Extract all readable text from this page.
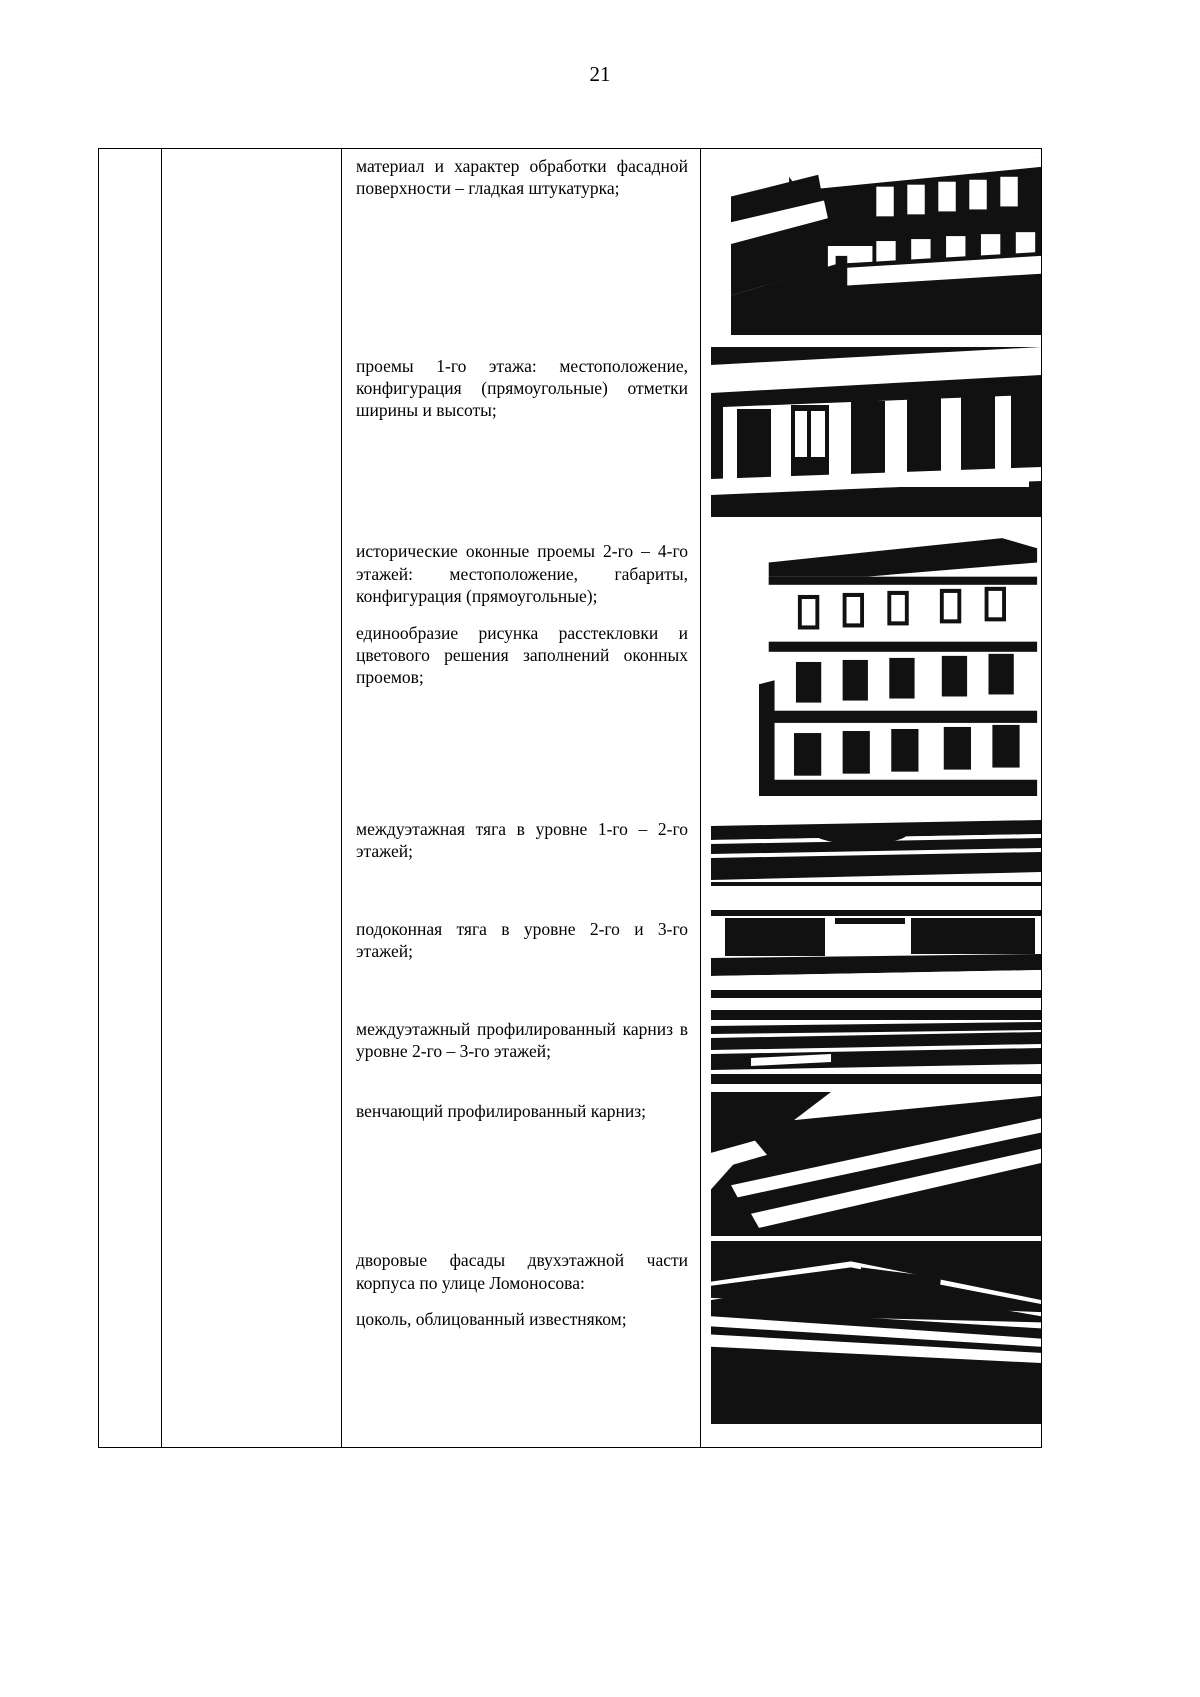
21

материал и характер обработки фасадной поверхности – гладкая штукатурка;

проемы 1-го этажа: местоположение, конфигурация (прямоугольные) отметки ширины и высоты;

исторические оконные проемы 2-го – 4-го этажей: местоположение, габариты, конфигурация (прямоугольные);

единообразие рисунка расстекловки и цветового решения заполнений оконных проемов;

междуэтажная тяга в уровне 1-го – 2-го этажей;

подоконная тяга в уровне 2-го и 3-го этажей;

междуэтажный профилированный карниз в уровне 2-го – 3-го этажей;

венчающий профилированный карниз;

дворовые фасады двухэтажной части корпуса по улице Ломоносова:

цоколь, облицованный известняком;
